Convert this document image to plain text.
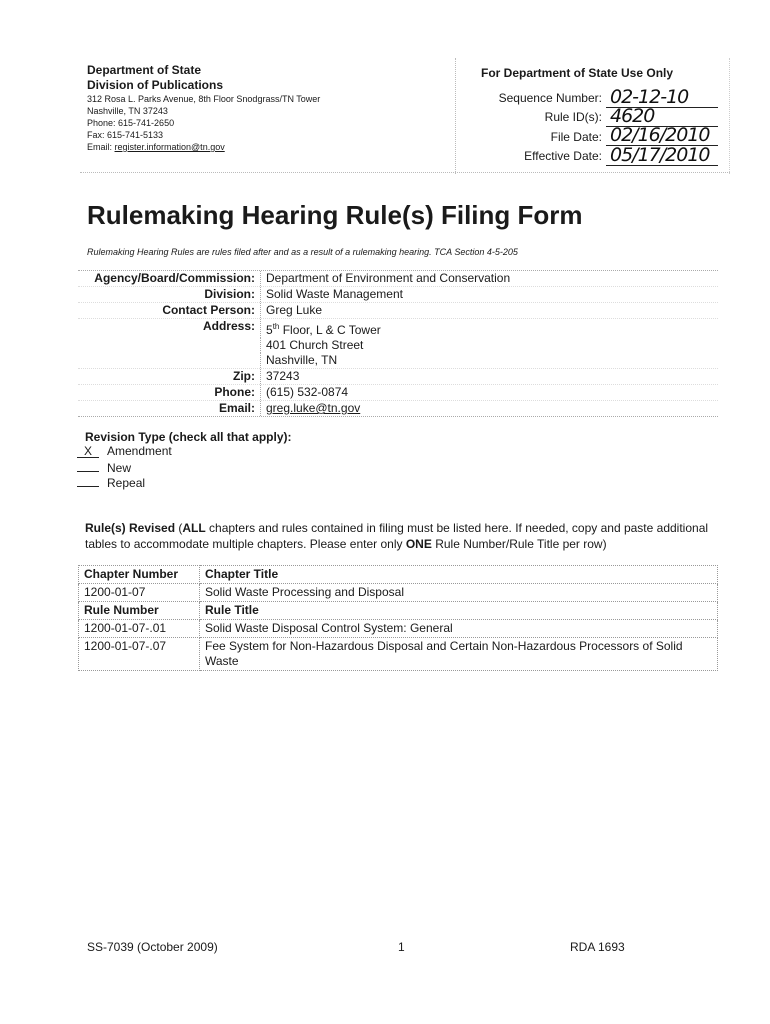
Department of State
Division of Publications
312 Rosa L. Parks Avenue, 8th Floor Snodgrass/TN Tower
Nashville, TN 37243
Phone: 615-741-2650
Fax: 615-741-5133
Email: register.information@tn.gov
For Department of State Use Only
Sequence Number: 02-12-10
Rule ID(s): 4620
File Date: 02/16/2010
Effective Date: 05/17/2010
Rulemaking Hearing Rule(s) Filing Form
Rulemaking Hearing Rules are rules filed after and as a result of a rulemaking hearing. TCA Section 4-5-205
Agency/Board/Commission: Department of Environment and Conservation
Division: Solid Waste Management
Contact Person: Greg Luke
Address: 5th Floor, L & C Tower
401 Church Street
Nashville, TN
Zip: 37243
Phone: (615) 532-0874
Email: greg.luke@tn.gov
Revision Type (check all that apply):
X Amendment
New
Repeal
Rule(s) Revised (ALL chapters and rules contained in filing must be listed here. If needed, copy and paste additional tables to accommodate multiple chapters. Please enter only ONE Rule Number/Rule Title per row)
Chapter Number	Chapter Title
1200-01-07	Solid Waste Processing and Disposal
Rule Number	Rule Title
1200-01-07-.01	Solid Waste Disposal Control System: General
1200-01-07-.07	Fee System for Non-Hazardous Disposal and Certain Non-Hazardous Processors of Solid Waste
SS-7039 (October 2009)	1	RDA 1693
